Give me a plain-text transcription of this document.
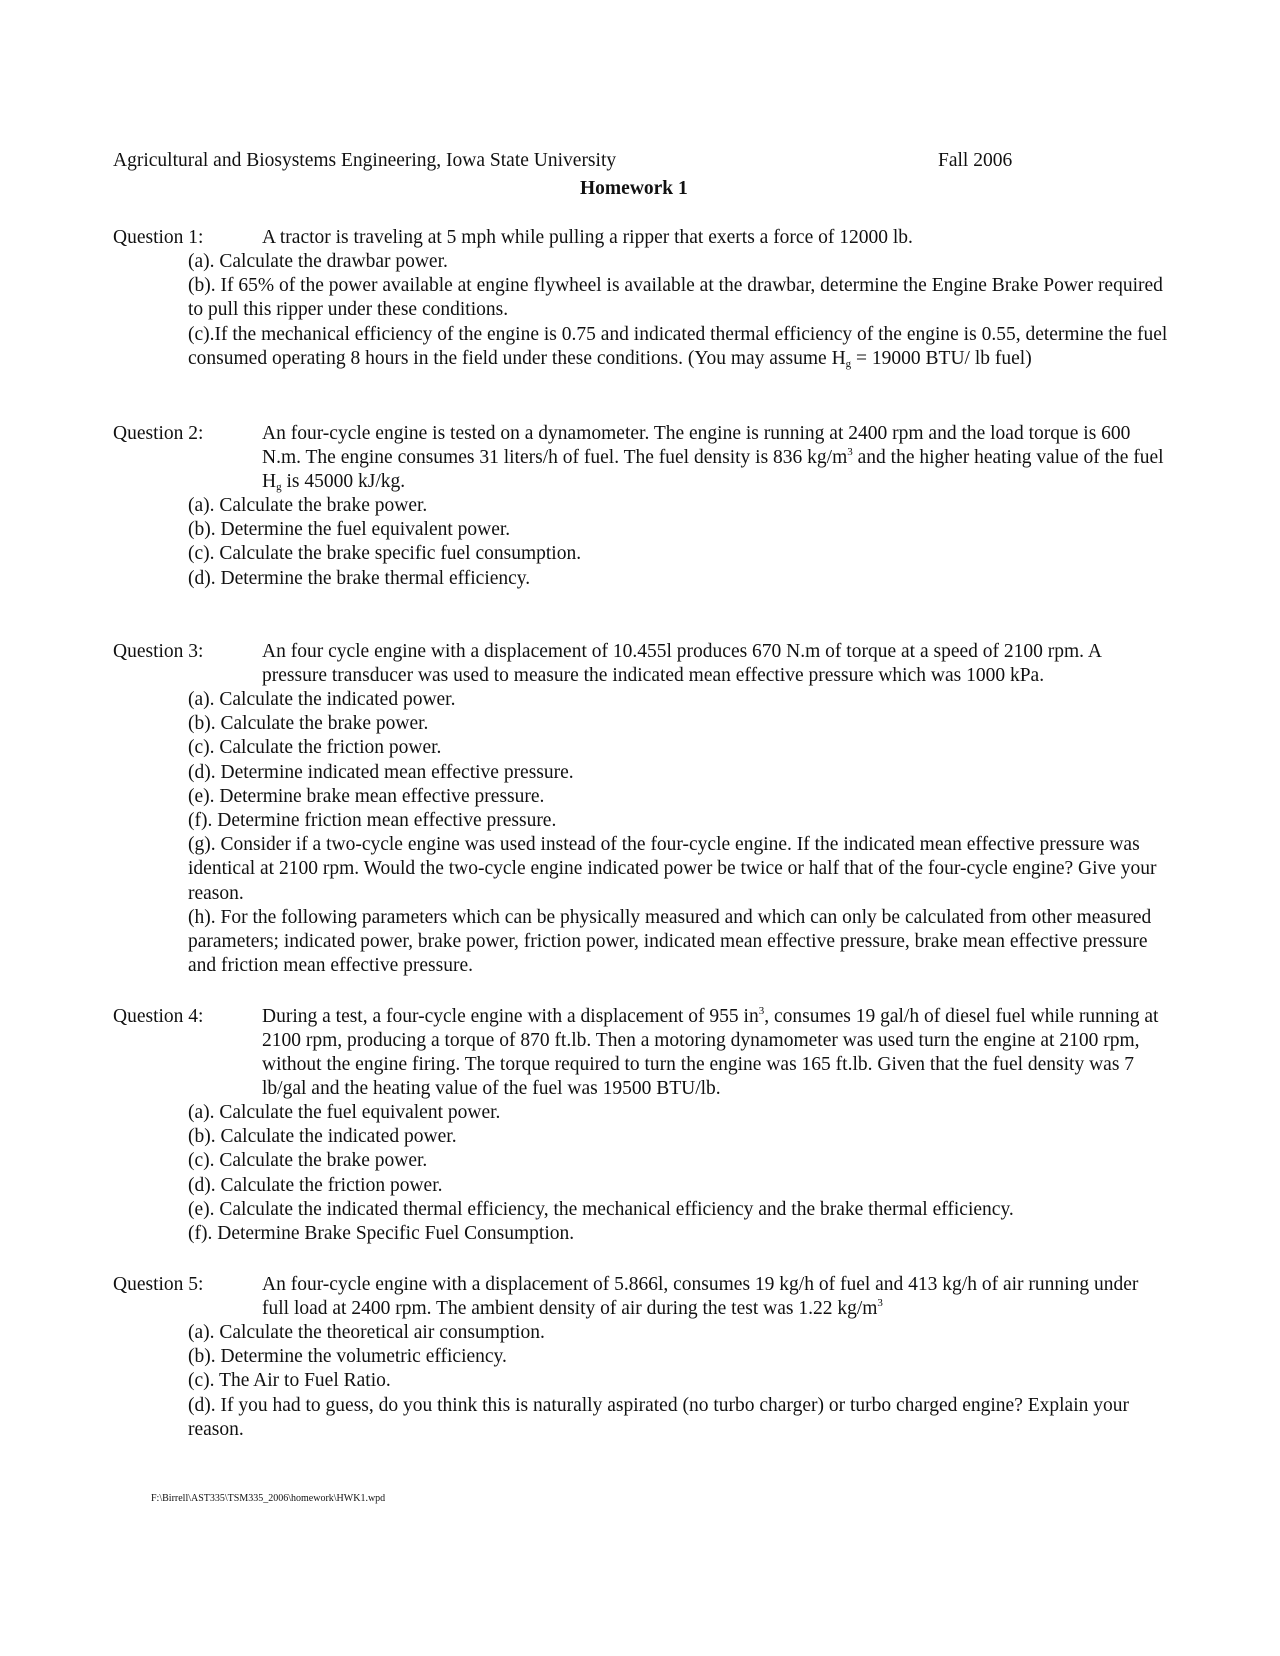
Agricultural and Biosystems Engineering, Iowa State University	Fall 2006
Homework 1
Question 1:	A tractor is traveling at 5 mph while pulling a ripper that exerts a force of 12000 lb.

(a). Calculate the drawbar power.

(b). If 65% of the power available at engine flywheel is available at the drawbar, determine the Engine Brake Power required to pull this ripper under these conditions.

(c).If the mechanical efficiency of the engine is 0.75 and indicated thermal efficiency of the engine is 0.55, determine the fuel consumed operating 8 hours in the field under these conditions. (You may assume $H_g = 19000$ BTU/ lb fuel)

Question 2:	An four-cycle engine is tested on a dynamometer. The engine is running at 2400 rpm and the load torque is 600 N.m. The engine consumes 31 liters/h of fuel. The fuel density is 836 $kg/m^3$ and the higher heating value of the fuel $H_g$ is 45000 kJ/kg.

(a). Calculate the brake power.

(b). Determine the fuel equivalent power.

(c). Calculate the brake specific fuel consumption.

(d). Determine the brake thermal efficiency.

Question 3:	An four cycle engine with a displacement of 10.455l produces 670 N.m of torque at a speed of 2100 rpm. A pressure transducer was used to measure the indicated mean effective pressure which was 1000 kPa.

(a). Calculate the indicated power.

(b). Calculate the brake power.

(c). Calculate the friction power.

(d). Determine indicated mean effective pressure.

(e). Determine brake mean effective pressure.

(f). Determine friction mean effective pressure.

(g). Consider if a two-cycle engine was used instead of the four-cycle engine. If the indicated mean effective pressure was identical at 2100 rpm. Would the two-cycle engine indicated power be twice or half that of the four-cycle engine? Give your reason.

(h). For the following parameters which can be physically measured and which can only be calculated from other measured parameters; indicated power, brake power, friction power, indicated mean effective pressure, brake mean effective pressure and friction mean effective pressure.

Question 4:	During a test, a four-cycle engine with a displacement of 955 $in^3$, consumes 19 gal/h of diesel fuel while running at 2100 rpm, producing a torque of 870 ft.lb. Then a motoring dynamometer was used turn the engine at 2100 rpm, without the engine firing. The torque required to turn the engine was 165 ft.lb. Given that the fuel density was 7 lb/gal and the heating value of the fuel was 19500 BTU/lb.

(a). Calculate the fuel equivalent power.

(b). Calculate the indicated power.

(c). Calculate the brake power.

(d). Calculate the friction power.

(e). Calculate the indicated thermal efficiency, the mechanical efficiency and the brake thermal efficiency.

(f). Determine Brake Specific Fuel Consumption.

Question 5:	An four-cycle engine with a displacement of 5.866l, consumes 19 kg/h of fuel and 413 kg/h of air running under full load at 2400 rpm. The ambient density of air during the test was 1.22 $kg/m^3$

(a). Calculate the theoretical air consumption.

(b). Determine the volumetric efficiency.

(c). The Air to Fuel Ratio.

(d). If you had to guess, do you think this is naturally aspirated (no turbo charger) or turbo charged engine? Explain your reason.

F:\Birrell\AST335\TSM335_2006\homework\HWK1.wpd
